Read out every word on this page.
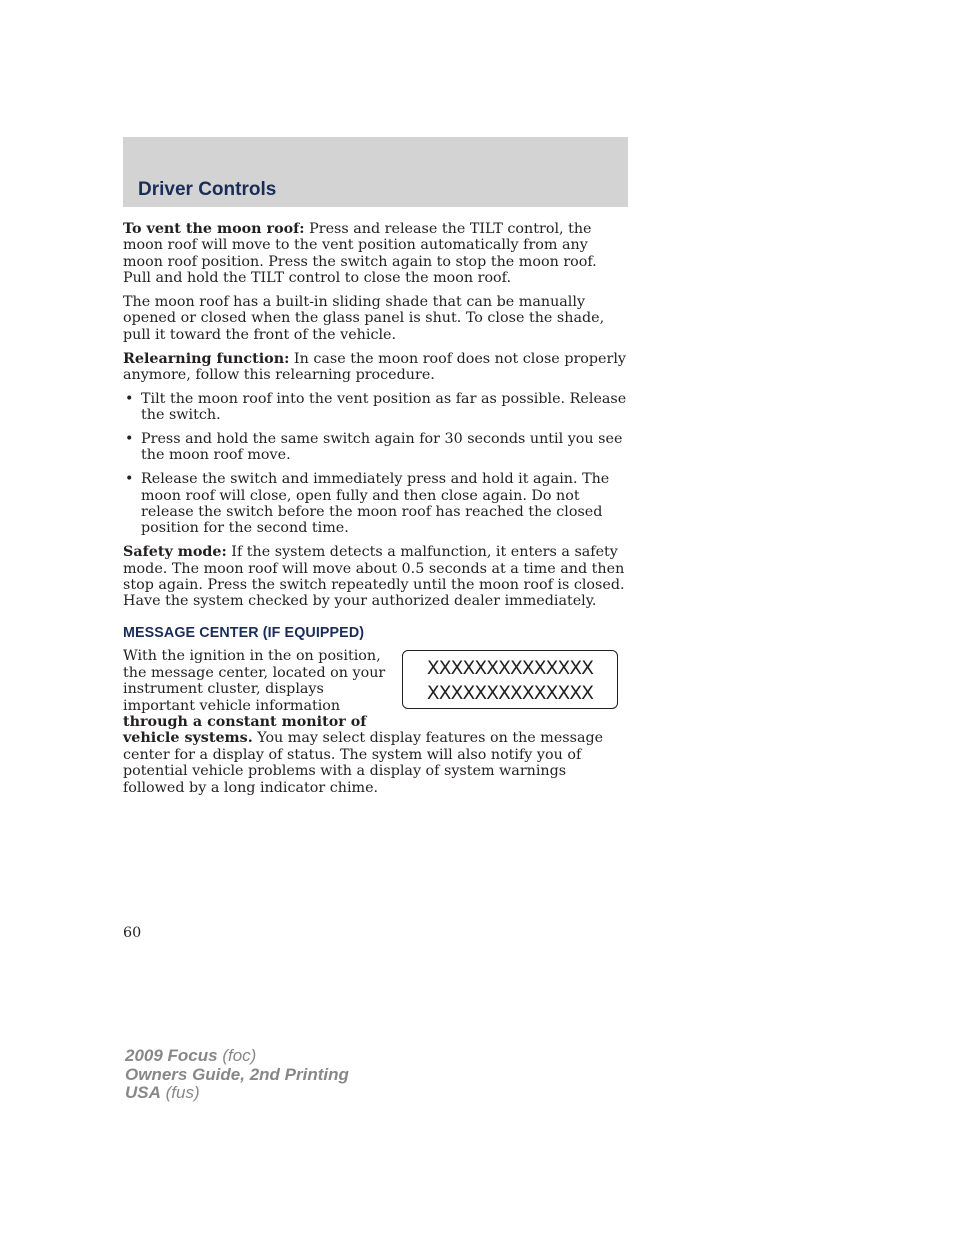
Driver Controls

To vent the moon roof: Press and release the TILT control, the moon roof will move to the vent position automatically from any moon roof position. Press the switch again to stop the moon roof. Pull and hold the TILT control to close the moon roof.

The moon roof has a built-in sliding shade that can be manually opened or closed when the glass panel is shut. To close the shade, pull it toward the front of the vehicle.

Relearning function: In case the moon roof does not close properly anymore, follow this relearning procedure.

• Tilt the moon roof into the vent position as far as possible. Release the switch.
• Press and hold the same switch again for 30 seconds until you see the moon roof move.
• Release the switch and immediately press and hold it again. The moon roof will close, open fully and then close again. Do not release the switch before the moon roof has reached the closed position for the second time.

Safety mode: If the system detects a malfunction, it enters a safety mode. The moon roof will move about 0.5 seconds at a time and then stop again. Press the switch repeatedly until the moon roof is closed. Have the system checked by your authorized dealer immediately.

MESSAGE CENTER (IF EQUIPPED)
XXXXXXXXXXXXXX
XXXXXXXXXXXXXX

With the ignition in the on position, the message center, located on your instrument cluster, displays important vehicle information through a constant monitor of vehicle systems. You may select display features on the message center for a display of status. The system will also notify you of potential vehicle problems with a display of system warnings followed by a long indicator chime.

60
2009 Focus (foc)
Owners Guide, 2nd Printing
USA (fus)
